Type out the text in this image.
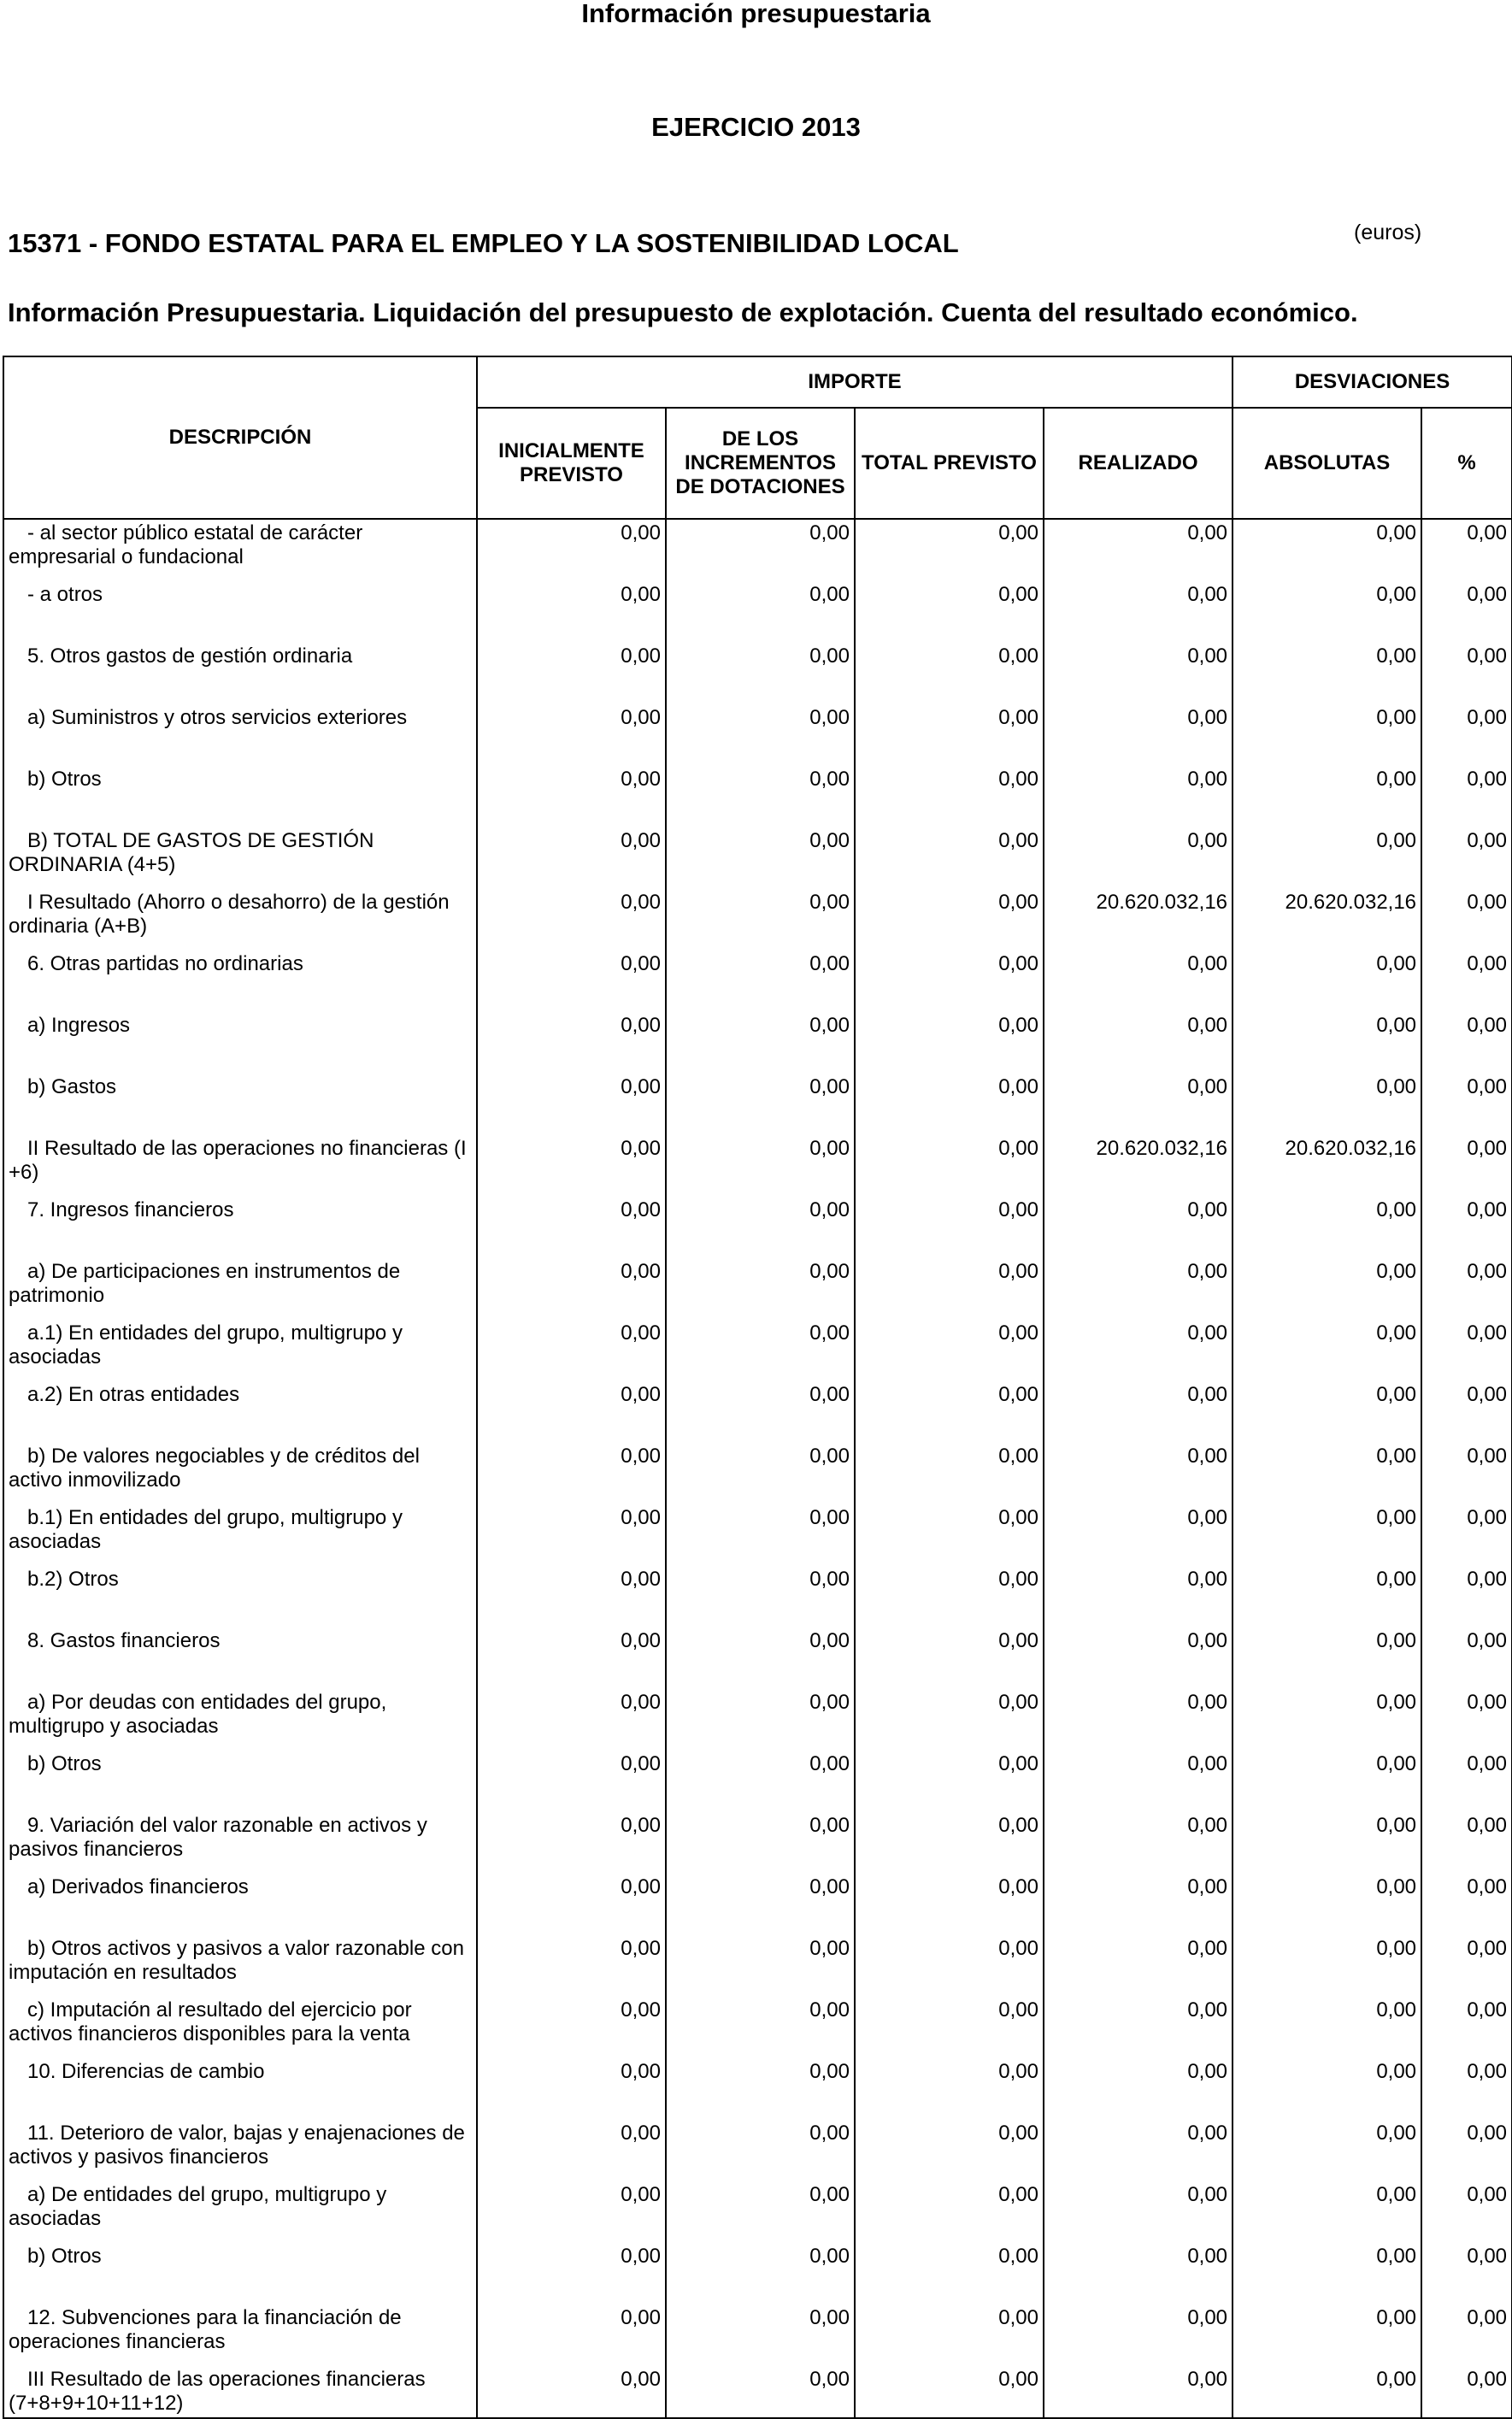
Información presupuestaria
EJERCICIO 2013
15371 - FONDO ESTATAL PARA EL EMPLEO Y LA SOSTENIBILIDAD LOCAL	(euros)
Información Presupuestaria. Liquidación del presupuesto de explotación. Cuenta del resultado económico.
DESCRIPCIÓN	IMPORTE				DESVIACIONES	
	INICIALMENTE PREVISTO	DE LOS INCREMENTOS DE DOTACIONES	TOTAL PREVISTO	REALIZADO	ABSOLUTAS	%
- al sector público estatal de carácter empresarial o fundacional	0,00	0,00	0,00	0,00	0,00	0,00
- a otros	0,00	0,00	0,00	0,00	0,00	0,00
5. Otros gastos de gestión ordinaria	0,00	0,00	0,00	0,00	0,00	0,00
a) Suministros y otros servicios exteriores	0,00	0,00	0,00	0,00	0,00	0,00
b) Otros	0,00	0,00	0,00	0,00	0,00	0,00
B) TOTAL DE GASTOS DE GESTIÓN ORDINARIA (4+5)	0,00	0,00	0,00	0,00	0,00	0,00
I Resultado (Ahorro o desahorro) de la gestión ordinaria (A+B)	0,00	0,00	0,00	20.620.032,16	20.620.032,16	0,00
6. Otras partidas no ordinarias	0,00	0,00	0,00	0,00	0,00	0,00
a) Ingresos	0,00	0,00	0,00	0,00	0,00	0,00
b) Gastos	0,00	0,00	0,00	0,00	0,00	0,00
II Resultado de las operaciones no financieras (I +6)	0,00	0,00	0,00	20.620.032,16	20.620.032,16	0,00
7. Ingresos financieros	0,00	0,00	0,00	0,00	0,00	0,00
a) De participaciones en instrumentos de patrimonio	0,00	0,00	0,00	0,00	0,00	0,00
a.1) En entidades del grupo, multigrupo y asociadas	0,00	0,00	0,00	0,00	0,00	0,00
a.2) En otras entidades	0,00	0,00	0,00	0,00	0,00	0,00
b) De valores negociables y de créditos del activo inmovilizado	0,00	0,00	0,00	0,00	0,00	0,00
b.1) En entidades del grupo, multigrupo y asociadas	0,00	0,00	0,00	0,00	0,00	0,00
b.2) Otros	0,00	0,00	0,00	0,00	0,00	0,00
8. Gastos financieros	0,00	0,00	0,00	0,00	0,00	0,00
a) Por deudas con entidades del grupo, multigrupo y asociadas	0,00	0,00	0,00	0,00	0,00	0,00
b) Otros	0,00	0,00	0,00	0,00	0,00	0,00
9. Variación del valor razonable en activos y pasivos financieros	0,00	0,00	0,00	0,00	0,00	0,00
a) Derivados financieros	0,00	0,00	0,00	0,00	0,00	0,00
b) Otros activos y pasivos a valor razonable con imputación en resultados	0,00	0,00	0,00	0,00	0,00	0,00
c) Imputación al resultado del ejercicio por activos financieros disponibles para la venta	0,00	0,00	0,00	0,00	0,00	0,00
10. Diferencias de cambio	0,00	0,00	0,00	0,00	0,00	0,00
11. Deterioro de valor, bajas y enajenaciones de activos y pasivos financieros	0,00	0,00	0,00	0,00	0,00	0,00
a) De entidades del grupo, multigrupo y asociadas	0,00	0,00	0,00	0,00	0,00	0,00
b) Otros	0,00	0,00	0,00	0,00	0,00	0,00
12. Subvenciones para la financiación de operaciones financieras	0,00	0,00	0,00	0,00	0,00	0,00
III Resultado de las operaciones financieras (7+8+9+10+11+12)	0,00	0,00	0,00	0,00	0,00	0,00
